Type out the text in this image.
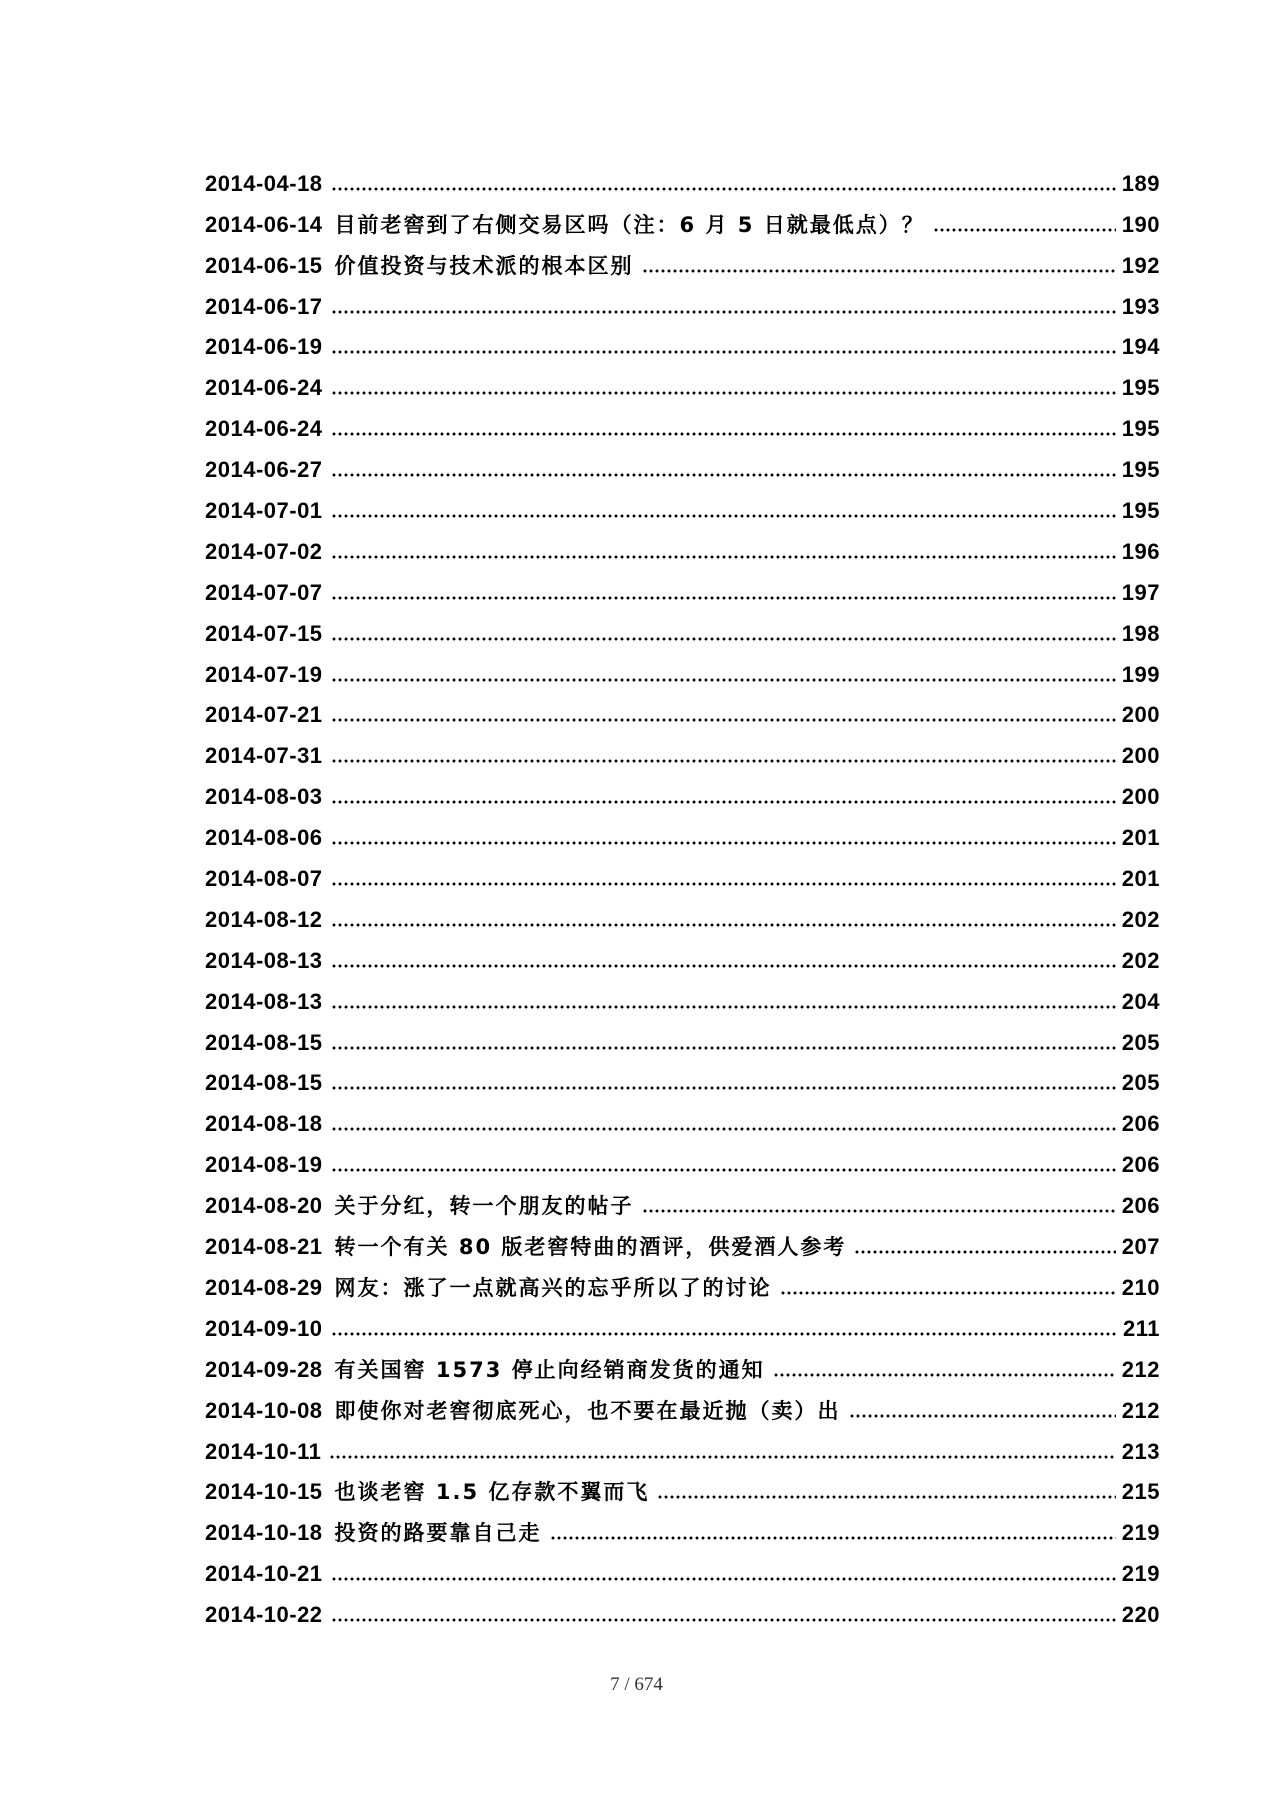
2014-04-18	189
2014-06-14 目前老窖到了右侧交易区吗（注：6 月 5 日就最低点）？	190
2014-06-15 价值投资与技术派的根本区别	192
2014-06-17	193
2014-06-19	194
2014-06-24	195
2014-06-24	195
2014-06-27	195
2014-07-01	195
2014-07-02	196
2014-07-07	197
2014-07-15	198
2014-07-19	199
2014-07-21	200
2014-07-31	200
2014-08-03	200
2014-08-06	201
2014-08-07	201
2014-08-12	202
2014-08-13	202
2014-08-13	204
2014-08-15	205
2014-08-15	205
2014-08-18	206
2014-08-19	206
2014-08-20 关于分红，转一个朋友的帖子	206
2014-08-21 转一个有关 80 版老窖特曲的酒评，供爱酒人参考	207
2014-08-29 网友：涨了一点就高兴的忘乎所以了的讨论	210
2014-09-10	211
2014-09-28 有关国窖 1573 停止向经销商发货的通知	212
2014-10-08 即使你对老窖彻底死心，也不要在最近抛（卖）出	212
2014-10-11	213
2014-10-15 也谈老窖 1.5 亿存款不翼而飞	215
2014-10-18 投资的路要靠自己走	219
2014-10-21	219
2014-10-22	220
7 / 674
